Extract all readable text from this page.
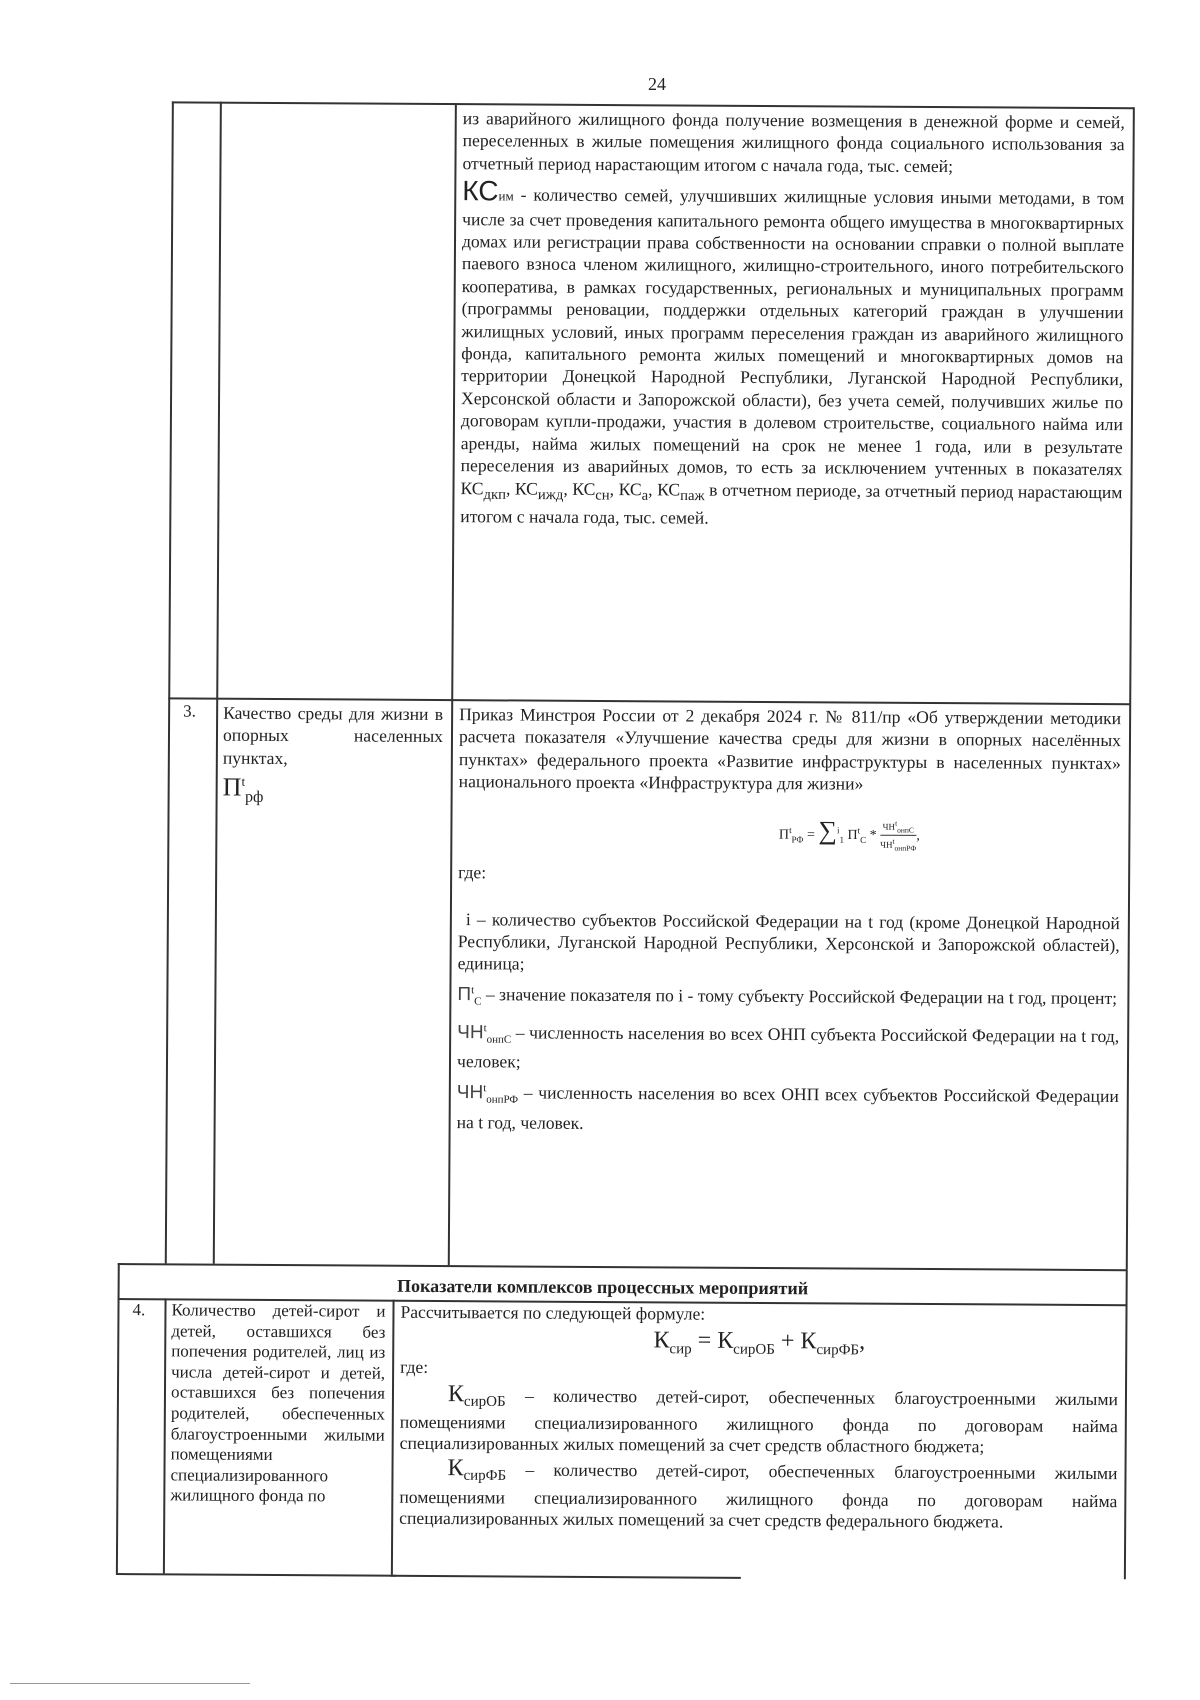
24

из аварийного жилищного фонда получение возмещения в денежной форме и семей, переселенных в жилые помещения жилищного фонда социального использования за отчетный период нарастающим итогом с начала года, тыс. семей;

КСим - количество семей, улучшивших жилищные условия иными методами, в том числе за счет проведения капитального ремонта общего имущества в многоквартирных домах или регистрации права собственности на основании справки о полной выплате паевого взноса членом жилищного, жилищно-строительного, иного потребительского кооператива, в рамках государственных, региональных и муниципальных программ (программы реновации, поддержки отдельных категорий граждан в улучшении жилищных условий, иных программ переселения граждан из аварийного жилищного фонда, капитального ремонта жилых помещений и многоквартирных домов на территории Донецкой Народной Республики, Луганской Народной Республики, Херсонской области и Запорожской области), без учета семей, получивших жилье по договорам купли-продажи, участия в долевом строительстве, социального найма или аренды, найма жилых помещений на срок не менее 1 года, или в результате переселения из аварийных домов, то есть за исключением учтенных в показателях $КС_{дкп}$, $КС_{ижд}$, $КС_{сн}$, $КС_а$, $КС_{паж}$ в отчетном периоде, за отчетный период нарастающим итогом с начала года, тыс. семей.

3. Качество среды для жизни в опорных населенных пунктах,

$П^t_{рф}$

Приказ Минстроя России от 2 декабря 2024 г. № 811/пр «Об утверждении методики расчета показателя «Улучшение качества среды для жизни в опорных населённых пунктах» федерального проекта «Развитие инфраструктуры в населенных пунктах» национального проекта «Инфраструктура для жизни»

$П^t_{РФ} = \sum^i_1$ $П^t_С * \frac{ЧН^t_{онпС}}{ЧН^t_{онпРФ}}$ ,

где:

i – количество субъектов Российской Федерации на t год (кроме Донецкой Народной Республики, Луганской Народной Республики, Херсонской и Запорожской областей), единица;

$П^t_С$ – значение показателя по i - тому субъекту Российской Федерации на t год, процент;

$ЧН^t_{онпС}$ – численность населения во всех ОНП субъекта Российской Федерации на t год, человек;

$ЧН^t_{онпРФ}$ – численность населения во всех ОНП всех субъектов Российской Федерации на t год, человек.

Показатели комплексов процессных мероприятий
4. Количество детей-сирот и детей, оставшихся без попечения родителей, лиц из числа детей-сирот и детей, оставшихся без попечения родителей, обеспеченных благоустроенными жилыми помещениями специализированного жилищного фонда по

Рассчитывается по следующей формуле:

$К_{сир} = К_{сирОБ} + К_{сирФБ}$,

где:

$К_{сирОБ}$ – количество детей-сирот, обеспеченных благоустроенными жилыми помещениями специализированного жилищного фонда по договорам найма специализированных жилых помещений за счет средств областного бюджета;

$К_{сирФБ}$ – количество детей-сирот, обеспеченных благоустроенными жилыми помещениями специализированного жилищного фонда по договорам найма специализированных жилых помещений за счет средств федерального бюджета.
